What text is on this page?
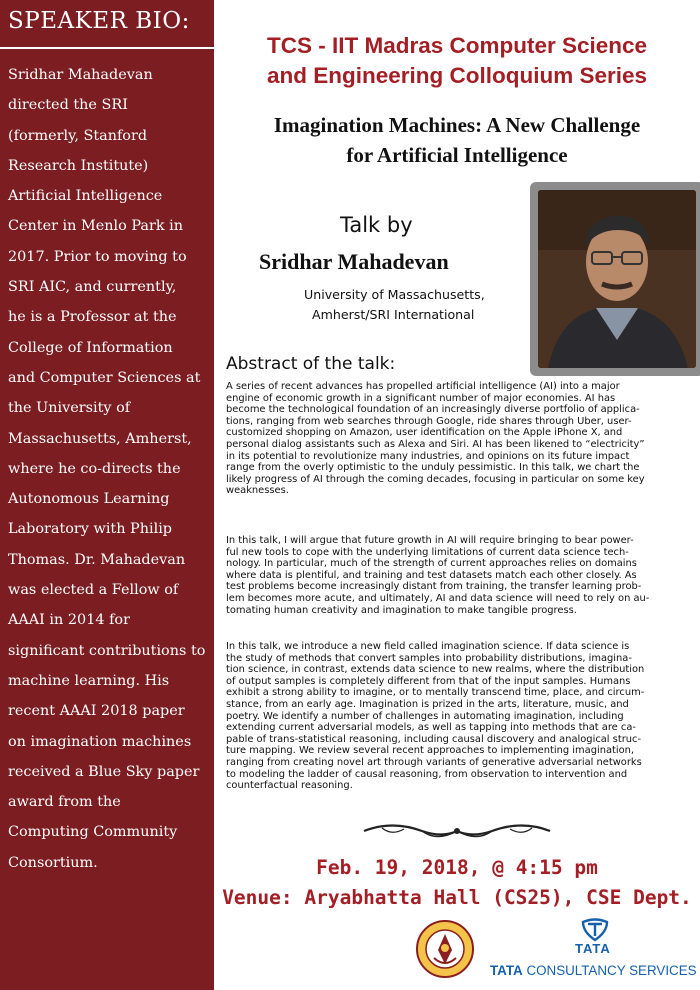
SPEAKER BIO:
Sridhar Mahadevan
directed the SRI
(formerly, Stanford
Research Institute)
Artificial Intelligence
Center in Menlo Park in
2017. Prior to moving to
SRI AIC, and currently,
he is a Professor at the
College of Information
and Computer Sciences at
the University of
Massachusetts, Amherst,
where he co-directs the
Autonomous Learning
Laboratory with Philip
Thomas. Dr. Mahadevan
was elected a Fellow of
AAAI in 2014 for
significant contributions to
machine learning. His
recent AAAI 2018 paper
on imagination machines
received a Blue Sky paper
award from the
Computing Community
Consortium.
TCS - IIT Madras Computer Science
and Engineering Colloquium Series
Imagination Machines: A New Challenge
for Artificial Intelligence
Talk by
Sridhar Mahadevan
University of Massachusetts,
Amherst/SRI International
Abstract of the talk:
A series of recent advances has propelled artificial intelligence (AI) into a major
engine of economic growth in a significant number of major economies. AI has
become the technological foundation of an increasingly diverse portfolio of applica-
tions, ranging from web searches through Google, ride shares through Uber, user-
customized shopping on Amazon, user identification on the Apple iPhone X, and
personal dialog assistants such as Alexa and Siri. AI has been likened to “electricity”
in its potential to revolutionize many industries, and opinions on its future impact
range from the overly optimistic to the unduly pessimistic. In this talk, we chart the
likely progress of AI through the coming decades, focusing in particular on some key
weaknesses.
In this talk, I will argue that future growth in AI will require bringing to bear power-
ful new tools to cope with the underlying limitations of current data science tech-
nology. In particular, much of the strength of current approaches relies on domains
where data is plentiful, and training and test datasets match each other closely. As
test problems become increasingly distant from training, the transfer learning prob-
lem becomes more acute, and ultimately, AI and data science will need to rely on au-
tomating human creativity and imagination to make tangible progress.
In this talk, we introduce a new field called imagination science. If data science is
the study of methods that convert samples into probability distributions, imagina-
tion science, in contrast, extends data science to new realms, where the distribution
of output samples is completely different from that of the input samples. Humans
exhibit a strong ability to imagine, or to mentally transcend time, place, and circum-
stance, from an early age. Imagination is prized in the arts, literature, music, and
poetry. We identify a number of challenges in automating imagination, including
extending current adversarial models, as well as tapping into methods that are ca-
pable of trans-statistical reasoning, including causal discovery and analogical struc-
ture mapping. We review several recent approaches to implementing imagination,
ranging from creating novel art through variants of generative adversarial networks
to modeling the ladder of causal reasoning, from observation to intervention and
counterfactual reasoning.
Feb. 19, 2018, @ 4:15 pm
Venue: Aryabhatta Hall (CS25), CSE Dept.
TATA
TATA CONSULTANCY SERVICES
